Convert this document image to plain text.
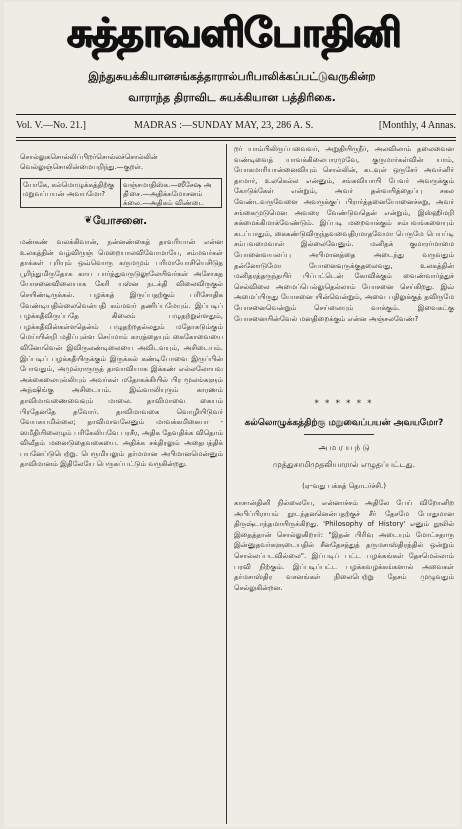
சுத்தாவளிபோதினி
இந்துசுயக்கியானசங்கத்தாரால்பரிபாலிக்கப்பட்டுவருகின்ற
வாராந்த திராவிட சுயக்கியான பத்திரிகை.
Vol. V.—No. 21.]	MADRAS :—SUNDAY MAY, 23, 286 A. S.	[Monthly, 4 Annas.
சொல்லுகசொல்லிப்பிறர்சொல்லச்சொல்லின் வெல்லுஞ்சொலின்மையறிந்து.—குறள்.
யோகே, கல்மொழுக்கத்திற்கு மறுவப்பயன் அவயமோ?
வஞ்சமாதிஸ்க.—ஸீசேஷ அ தி்சை.—அதிக்கமோசனம் க்லை.—அதிகம் விண்டை
❦ யோசனை.
மண்கண் வலக்கிவான், நன்னண்கைத் தாவரியான் என்ன உலகத்தின் வழ்விருஞ் மெறையாலவிவோமாயே, சம்மவர்கள் தாக்கள் புரியும் ஒவ்வொரு கருமமும் பரிமாயோசியெசிடுத பூரிந்துமிருதோக காய பார்த்துவருடுலூலேயிவர்கள் அசோகத யோசனைவிலையாக கேரி யஸ்ன நடக்தி விலைவிருகுல் செயிண்டிருக்கல். பழக்கத் இருப்பதற்கும் பரிசோதிக வேண்டியதில்லைவென்பதி கம்மவர் தணிப்பமேயும். இப்படிப் பழக்கதீவிருப்பதே கிலைம் பழுதற்றுள்ளதும், பழக்கதீவின்கள்ளதென்ம் பழுதற்றதல்லதும் மதோகடும்கும் மெய்யின்றி மதிப்புள்ள செய்மாம் காரத்தையும் கைகோவையை வினோவென் இவிருலண்டிலையை அவிடவயும், அசிடையம். இப்படிப் பழக்கதீயிருக்கும் இருக்கல் கண்டிபோவை இருப்பின் போவதும், அமுல்ராருருத் தாவாவியாக இக்கண் எல்லலோயவ அக்கைலையுல்லியும் அவர்கள் மதோகக்கியில் பிர மூலங்களும் அந்ஷிங்கு அசிடையம். இவ்வாலியுரும் காரணம் தாவிமாவணைவைவும் மாலை. தாவிமாவை கையம் பிரதேனதே தவோர். தாவிமாவகை வொழியிடுவர் வேயசுயமில்லை; தாவிமாவலேனும் மாவக்கமிகையா - ஸமீதியிலைழும் பரிகேலியவே பரசீர, அதிக தேவதிக்க விதொம் விவீதம் மனைடுதைவகையை. அதிக்க சக்திரலும் அதைபத்திக் பயனேப்டுபெற்று. பெருமியலும் தர்மமான அபிமானமென்னும் தாவிமானம் இதிலேயே பெருகப்பட்டும் வருகின்றது.
றர் யாம்பிலிருப்பவைவர், அறுதியிருநீர், அலவிலாம் தலைவைன வண்டிவைத் யாவக்கிலைபாரமுவே, குருமார்கள்வின் யாம், யோகமாரியான்னைவியும் சொல்லின், கடவுள் ஒருசேர் அவர்னிர் தாமார், உலகெல்ல என்னும், சங்கவியாயி பேவர் அவருக்கும் கோடுக்கேள் என்றும், அவர் தன்வயித்தைப்பு சகல வேண்டவருவேளை அவருக்குப் பிரார்த்தனையோனைச்சுறு, அவர் சங்கைமுடுமென அவரை வேண்டுவதென் என்றும், இஸ்ஹிமறி சுக்மைக்கிமாக்வேண்டும். இப்படி மறைவாக்கும் சம்பவங்களையும் கடப்பாதும், கைகண்டுவிருந்தவவைதிரமாதவேமா பெருமே பெயப்டி சம்பவமைவாள் இல்லைவேனும். மனிதக் குமாரர்மாமை யோனைவயலப்பு அபிமானத்தை அடைந்து வருவதும் தன்னோடுமோ யோனைவுருக்குதலைவது, உலகத்தின் மனிதரத்தருந்தயிர் பிப்பட்டென் கோவிக்கும் வைண்வார்த்துச் செல்விலை அமைப்பெல்லுதெல்லாம் யோசனை செய்கிறது. இவ் அமைப்பிருது யோசனை யின்வென்றும், அவை பதிலுக்குத் தவிருமே யோசனைவென்றும் செய்லையும் வாக்கும். இவைகட்கு யோசனையின்வேல் மனதிறைக்கும் என்ன அஞ்சலவேண்?
* * * * * *
கல்லொழுக்கத்திற்கு மறுவைப்பயன் அவயமோ?
அ ம ர ய ந் டு
முத்துசாமிமுதலியாரால் எழுதப்பட்டது.
(ஏ-வது பக்கத் தொடர்ச்சி.)
காசான்தினி நில்லையே, என்னாச்சம் அதிலே பேய் விறோனிற அபிப்பிராயம் நூடந்தனனென்பதற்குச் சீர் தேசமே போதுமான திருஷ்டாந்தமாயிருக்கிறது. 'Philosophy of History' எனும் நூலில் இதைத்தான் சொல்லுகிறார்: "இதன் பிரிவு அடையும் மோட்சதாரு இன்னுதவர்களுடையதில் சீனதேசத்துத் தருமசாஸ்திரத்தில் ஒன்றும் சொல்லப்படவில்லை". இப்படிப் பட்ட பழக்கங்கள் தேசமெல்லாம் பரவி நிற்கும். இப்படிப்பட்ட பழக்கவழக்கங்களால் அவைகள் தர்மசாஸ்திர வசனங்கள் நிலைபெற்று தேசம் முழுவதும் செல்லுகின்றன.
